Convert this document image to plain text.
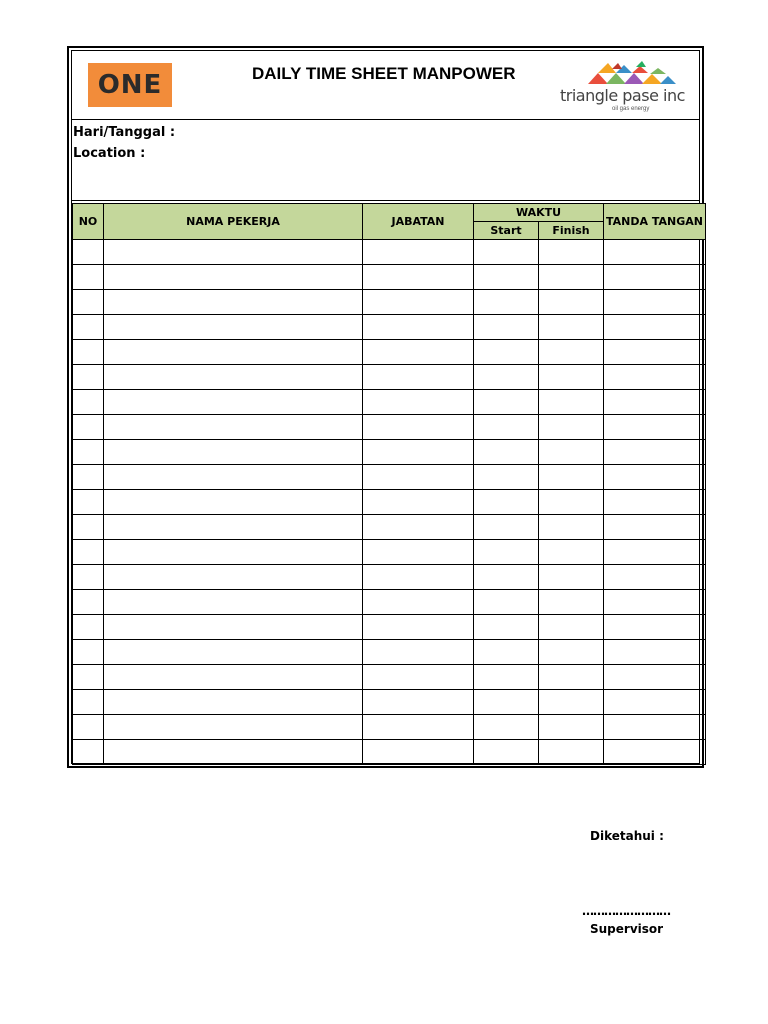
ONE	DAILY TIME SHEET MANPOWER
triangle pase inc
oil gas energy
Hari/Tanggal :
Location :
NO	NAMA PEKERJA	JABATAN	WAKTU		TANDA TANGAN
			Start	Finish	

Diketahui :
……………………
Supervisor
